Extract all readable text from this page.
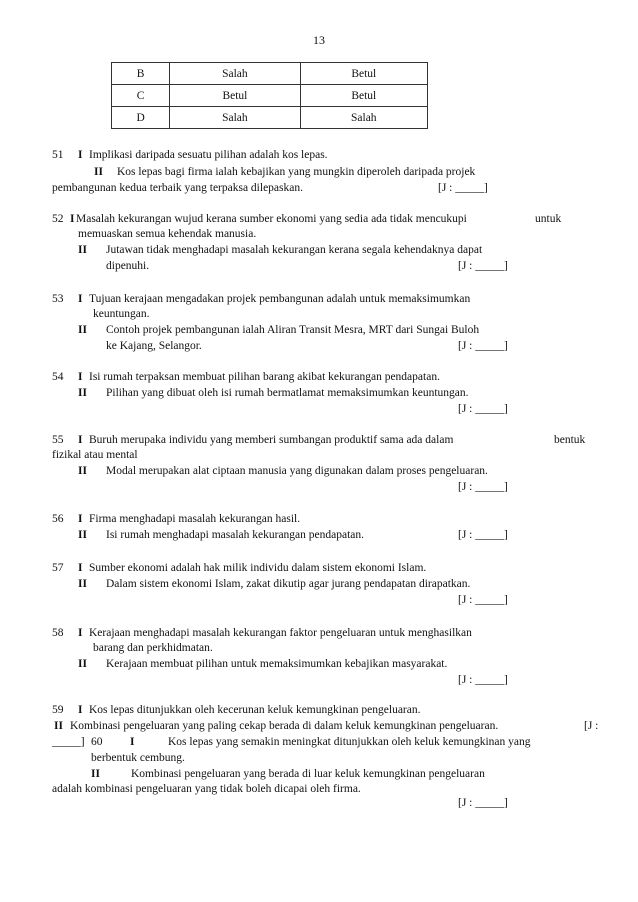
13
B	Salah	Betul
C	Betul	Betul
D	Salah	Salah
51 I Implikasi daripada sesuatu pilihan adalah kos lepas.
II Kos lepas bagi firma ialah kebajikan yang mungkin diperoleh daripada projek
pembangunan kedua terbaik yang terpaksa dilepaskan.	[J : _____]
52 I Masalah kekurangan wujud kerana sumber ekonomi yang sedia ada tidak mencukupi	untuk
memuaskan semua kehendak manusia.
II Jutawan tidak menghadapi masalah kekurangan kerana segala kehendaknya dapat
dipenuhi.	[J : _____]
53 I Tujuan kerajaan mengadakan projek pembangunan adalah untuk memaksimumkan
keuntungan.
II Contoh projek pembangunan ialah Aliran Transit Mesra, MRT dari Sungai Buloh
ke Kajang, Selangor.	[J : _____]
54 I Isi rumah terpaksan membuat pilihan barang akibat kekurangan pendapatan.
II Pilihan yang dibuat oleh isi rumah bermatlamat memaksimumkan keuntungan.
[J : _____]
55 I Buruh merupaka individu yang memberi sumbangan produktif sama ada dalam	bentuk
fizikal atau mental
II Modal merupakan alat ciptaan manusia yang digunakan dalam proses pengeluaran.
[J : _____]
56 I Firma menghadapi masalah kekurangan hasil.
II Isi rumah menghadapi masalah kekurangan pendapatan.	[J : _____]
57 I Sumber ekonomi adalah hak milik individu dalam sistem ekonomi Islam.
II Dalam sistem ekonomi Islam, zakat dikutip agar jurang pendapatan dirapatkan.
[J : _____]
58 I Kerajaan menghadapi masalah kekurangan faktor pengeluaran untuk menghasilkan
barang dan perkhidmatan.
II Kerajaan membuat pilihan untuk memaksimumkan kebajikan masyarakat.
[J : _____]
59 I Kos lepas ditunjukkan oleh kecerunan keluk kemungkinan pengeluaran.
II Kombinasi pengeluaran yang paling cekap berada di dalam keluk kemungkinan pengeluaran.	[J :
_____] 60 I	Kos lepas yang semakin meningkat ditunjukkan oleh keluk kemungkinan yang
berbentuk cembung.
II	Kombinasi pengeluaran yang berada di luar keluk kemungkinan pengeluaran
adalah kombinasi pengeluaran yang tidak boleh dicapai oleh firma.
[J : _____]
